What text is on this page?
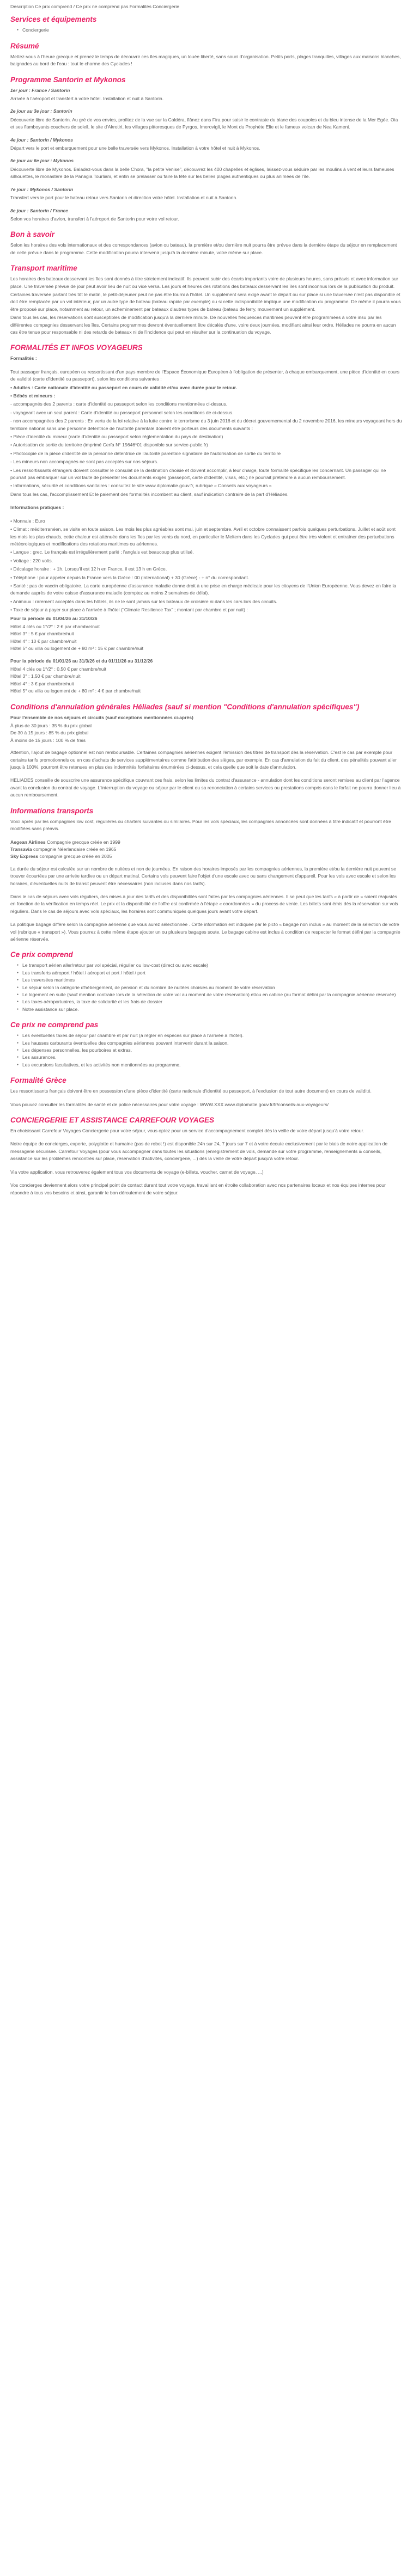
Description Ce prix comprend / Ce prix ne comprend pas Formalités Conciergerie

Services et équipements
● Conciergerie
Résumé

Mettez-vous à l'heure grecque et prenez le temps de découvrir ces îles magiques, un louée liberté, sans souci d'organisation. Petits ports, plages tranquilles, villages aux maisons blanches, baignades au bord de l'eau : tout le charme des Cyclades !

Programme Santorin et Mykonos

1er jour : France / Santorin

Arrivée à l'aéroport et transfert à votre hôtel. Installation et nuit à Santorin.

2e jour au 3e jour : Santorin

Découverte libre de Santorin. Au gré de vos envies, profitez de la vue sur la Caldéra, flânez dans Fira pour saisir le contraste du blanc des coupoles et du bleu intense de la Mer Egée. Oia et ses flamboyants couchers de soleil, le site d'Akrotiri, les villages pittoresques de Pyrgos, Imerovigli, le Mont du Prophète Elie et le fameux volcan de Nea Kameni.

4e jour : Santorin / Mykonos

Départ vers le port et embarquement pour une belle traversée vers Mykonos. Installation à votre hôtel et nuit à Mykonos.

5e jour au 6e jour : Mykonos

Découverte libre de Mykonos. Baladez-vous dans la belle Chora, "la petite Venise", découvrez les 400 chapelles et églises, laissez-vous séduire par les moulins à vent et leurs fameuses silhouettes, le monastère de la Panagia Tourliani, et enfin se prélasser ou faire la fête sur les belles plages authentiques ou plus animées de l'île.

7e jour : Mykonos / Santorin

Transfert vers le port pour le bateau retour vers Santorin et direction votre hôtel. Installation et nuit à Santorin.

8e jour : Santorin / France

Selon vos horaires d'avion, transfert à l'aéroport de Santorin pour votre vol retour.

Bon à savoir

Selon les horaires des vols internationaux et des correspondances (avion ou bateau), la première et/ou dernière nuit pourra être prévue dans la dernière étape du séjour en remplacement de celle prévue dans le programme. Cette modification pourra intervenir jusqu'à la dernière minute, votre même sur place.

Transport maritime

Les horaires des bateaux desservant les îles sont donnés à titre strictement indicatif. Ils peuvent subir des écarts importants voire de plusieurs heures, sans préavis et avec information sur place. Une traversée prévue de jour peut avoir lieu de nuit ou vice versa. Les jours et heures des rotations des bateaux desservant les îles sont inconnus lors de la publication du produit.

Certaines traversée partant très tôt le matin, le petit-déjeuner peut ne pas être fourni à l'hôtel. Un supplément sera exigé avant le départ ou sur place si une traversée n'est pas disponible et doit être remplacée par un vol intérieur, par un autre type de bateau (bateau rapide par exemple) ou si cette indisponibilité implique une modification du programme. De même il pourra vous être proposé sur place, notamment au retour, un acheminement par bateaux d'autres types de bateau (bateau de ferry, mouvement un supplément.

Dans tous les cas, les réservations sont susceptibles de modification jusqu'à la dernière minute. De nouvelles fréquences maritimes peuvent être programmées à votre insu par les différentes compagnies desservant les îles. Certains programmes devront éventuellement être décalés d'une, voire deux journées, modifiant ainsi leur ordre. Héliades ne pourra en aucun cas être tenue pour responsable ni des retards de bateaux ni de l'incidence qui peut en résulter sur la continuation du voyage.

FORMALITÉS ET INFOS VOYAGEURS

Formalités :

Tout passager français, européen ou ressortissant d'un pays membre de l'Espace Économique Européen à l'obligation de présenter, à chaque embarquement, une pièce d'identité en cours de validité (carte d'identité ou passeport), selon les conditions suivantes :

• Adultes : Carte nationale d'identité ou passeport en cours de validité et/ou avec durée pour le retour.

• Bébés et mineurs :

- accompagnés des 2 parents : carte d'identité ou passeport selon les conditions mentionnées ci-dessus.

- voyageant avec un seul parent : Carte d'identité ou passeport personnel selon les conditions de ci-dessus.

- non accompagnées des 2 parents : En vertu de la loi relative à la lutte contre le terrorisme du 3 juin 2016 et du décret gouvernemental du 2 novembre 2016, les mineurs voyageant hors du territoire national sans une personne détentrice de l'autorité parentale doivent être porteurs des documents suivants :

• Pièce d'identité du mineur (carte d'identité ou passeport selon réglementation du pays de destination)

• Autorisation de sortie du territoire (imprimé Cerfa N° 15646*01 disponible sur service-public.fr)

• Photocopie de la pièce d'identité de la personne détentrice de l'autorité parentale signataire de l'autorisation de sortie du territoire

- Les mineurs non accompagnés ne sont pas acceptés sur nos séjours.

• Les ressortissants étrangers doivent consulter le consulat de la destination choisie et doivent accomplir, à leur charge, toute formalité spécifique les concernant. Un passager qui ne pourrait pas embarquer sur un vol faute de présenter les documents exigés (passeport, carte d'identité, visas, etc.) ne pourrait prétendre à aucun remboursement.

• Informations, sécurité et conditions sanitaires : consultez le site www.diplomatie.gouv.fr, rubrique « Conseils aux voyageurs »

Dans tous les cas, l'accomplissement Et le paiement des formalités incombent au client, sauf indication contraire de la part d'Héliades.

Informations pratiques :

• Monnaie : Euro

• Climat : méditerranéen, se visite en toute saison. Les mois les plus agréables sont mai, juin et septembre. Avril et octobre connaissent parfois quelques perturbations. Juillet et août sont les mois les plus chauds, cette chaleur est atténuée dans les îles par les vents du nord, en particulier le Meltem dans les Cyclades qui peut être très violent et entraîner des perturbations météorologiques et modifications des rotations maritimes ou aériennes.

• Langue : grec. Le français est irrégulièrement parlé ; l'anglais est beaucoup plus utilisé.

• Voltage : 220 volts.

• Décalage horaire : + 1h. Lorsqu'il est 12 h en France, il est 13 h en Grèce.

• Téléphone : pour appeler depuis la France vers la Grèce : 00 (international) + 30 (Grèce) - + n° du correspondant.

• Santé : pas de vaccin obligatoire. La carte européenne d'assurance maladie donne droit à une prise en charge médicale pour les citoyens de l'Union Européenne. Vous devez en faire la demande auprès de votre caisse d'assurance maladie (comptez au moins 2 semaines de délai).

• Animaux : rarement acceptés dans les hôtels, ils ne le sont jamais sur les bateaux de croisière ni dans les cars lors des circuits.

• Taxe de séjour à payer sur place à l'arrivée à l'hôtel ("Climate Resilience Tax" ; montant par chambre et par nuit) :

Pour la période du 01/04/26 au 31/10/26

Hôtel 4 clés ou 1°/2° : 2 € par chambre/nuit

Hôtel 3° : 5 € par chambre/nuit

Hôtel 4° : 10 € par chambre/nuit

Hôtel 5° ou villa ou logement de + 80 m² : 15 € par chambre/nuit

Pour la période du 01/01/26 au 31/3/26 et du 01/11/26 au 31/12/26

Hôtel 4 clés ou 1°/2° : 0,50 € par chambre/nuit

Hôtel 3° : 1,50 € par chambre/nuit

Hôtel 4° : 3 € par chambre/nuit

Hôtel 5° ou villa ou logement de + 80 m² : 4 € par chambre/nuit

Conditions d'annulation générales Héliades (sauf si mention "Conditions d'annulation spécifiques")

Pour l'ensemble de nos séjours et circuits (sauf exceptions mentionnées ci-après)

À plus de 30 jours : 35 % du prix global

De 30 à 15 jours : 85 % du prix global

À moins de 15 jours : 100 % de frais

Attention, l'ajout de bagage optionnel est non remboursable. Certaines compagnies aériennes exigent l'émission des titres de transport dès la réservation. C'est le cas par exemple pour certains tarifs promotionnels ou en cas d'achats de services supplémentaires comme l'attribution des sièges, par exemple. En cas d'annulation du fait du client, des pénalités pouvant aller jusqu'à 100%, pourront être retenues en plus des indemnités forfaitaires énumérées ci-dessus, et cela quelle que soit la date d'annulation.

HELIADES conseille de souscrire une assurance spécifique couvrant ces frais, selon les limites du contrat d'assurance - annulation dont les conditions seront remises au client par l'agence avant la conclusion du contrat de voyage. L'interruption du voyage ou séjour par le client ou sa renonciation à certains services ou prestations compris dans le forfait ne pourra donner lieu à aucun remboursement.

Informations transports

Voici après par les compagnies low cost, régulières ou charters suivantes ou similaires. Pour les vols spéciaux, les compagnies annoncées sont données à titre indicatif et pourront être modifiées sans préavis.

Aegean Airlines Compagnie grecque créée en 1999

Transavia compagnie Néerlandaise créée en 1965

Sky Express compagnie grecque créée en 2005

La durée du séjour est calculée sur un nombre de nuitées et non de journées. En raison des horaires imposés par les compagnies aériennes, la première et/ou la dernière nuit peuvent se trouver écourtées par une arrivée tardive ou un départ matinal. Certains vols peuvent faire l'objet d'une escale avec ou sans changement d'appareil. Pour les vols avec escale et selon les horaires, d'éventuelles nuits de transit peuvent être nécessaires (non incluses dans nos tarifs).

Dans le cas de séjours avec vols réguliers, des mises à jour des tarifs et des disponibilités sont faites par les compagnies aériennes. Il se peut que les tarifs « à partir de » soient réajustés en fonction de la vérification en temps réel. Le prix et la disponibilité de l'offre est confirmée à l'étape « coordonnées » du process de vente. Les billets sont émis dès la réservation sur vols réguliers. Dans le cas de séjours avec vols spéciaux, les horaires sont communiqués quelques jours avant votre départ.

La politique bagage diffère selon la compagnie aérienne que vous aurez sélectionnée . Cette information est indiquée par le picto « bagage non inclus » au moment de la sélection de votre vol (rubrique « transport »). Vous pourrez à cette même étape ajouter un ou plusieurs bagages soute. Le bagage cabine est inclus à condition de respecter le format défini par la compagnie aérienne réservée.

Ce prix comprend
● Le transport aérien aller/retour par vol spécial, régulier ou low-cost (direct ou avec escale)
● Les transferts aéroport / hôtel / aéroport et port / hôtel / port
● Les traversées maritimes
● Le séjour selon la catégorie d'hébergement, de pension et du nombre de nuitées choisies au moment de votre réservation
● Le logement en suite (sauf mention contraire lors de la sélection de votre vol au moment de votre réservation) et/ou en cabine (au format défini par la compagnie aérienne réservée)
● Les taxes aéroportuaires, la taxe de solidarité et les frais de dossier
● Notre assistance sur place.
Ce prix ne comprend pas
● Les éventuelles taxes de séjour par chambre et par nuit (à régler en espèces sur place à l'arrivée à l'hôtel).
● Les hausses carburants éventuelles des compagnies aériennes pouvant intervenir durant la saison.
● Les dépenses personnelles, les pourboires et extras.
● Les assurances.
● Les excursions facultatives, et les activités non mentionnées au programme.
Formalité Grèce

Les ressortissants français doivent être en possession d'une pièce d'identité (carte nationale d'identité ou passeport, à l'exclusion de tout autre document) en cours de validité.

Vous pouvez consulter les formalités de santé et de police nécessaires pour votre voyage : WWW.XXX.www.diplomatie.gouv.fr/fr/conseils-aux-voyageurs/

CONCIERGERIE ET ASSISTANCE CARREFOUR VOYAGES

En choisissant Carrefour Voyages Conciergerie pour votre séjour, vous optez pour un service d'accompagnement complet dès la veille de votre départ jusqu'à votre retour.

Notre équipe de concierges, experte, polyglotte et humaine (pas de robot !) est disponible 24h sur 24, 7 jours sur 7 et à votre écoute exclusivement par le biais de notre application de messagerie sécurisée. Carrefour Voyages (pour vous accompagner dans toutes les situations (enregistrement de vols, demande sur votre programme, renseignements & conseils, assistance sur les problèmes rencontrés sur place, réservation d'activités, conciergerie, ...) dès la veille de votre départ jusqu'à votre retour.

Via votre application, vous retrouverez également tous vos documents de voyage (e-billets, voucher, carnet de voyage, ...)

Vos concierges deviennent alors votre principal point de contact durant tout votre voyage, travaillant en étroite collaboration avec nos partenaires locaux et nos équipes internes pour répondre à tous vos besoins et ainsi, garantir le bon déroulement de votre séjour.
